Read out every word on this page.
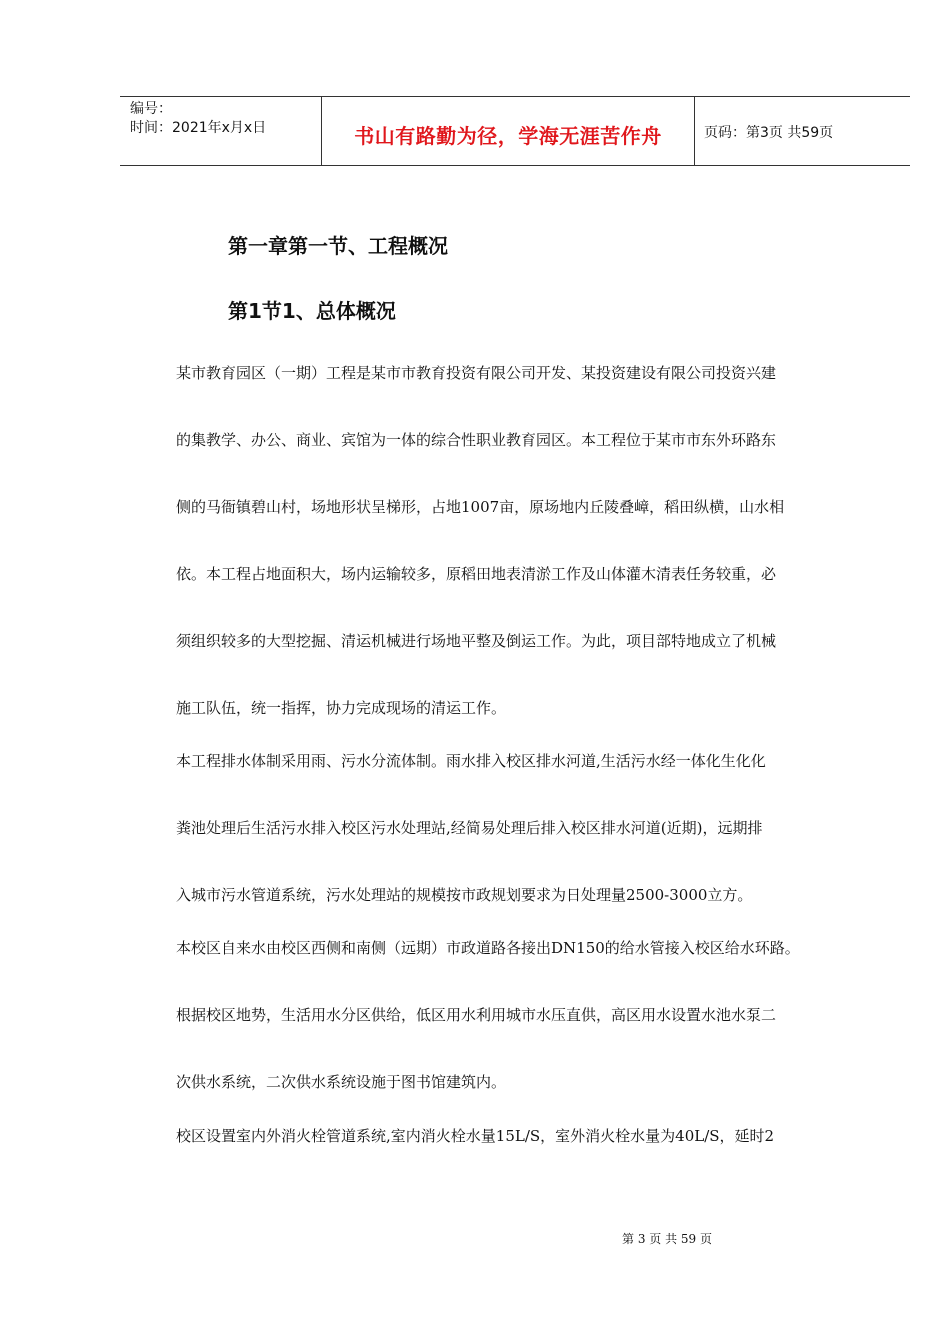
编号：
时间：2021年x月x日	书山有路勤为径，学海无涯苦作舟	页码：第3页 共59页
第一章第一节、工程概况
第1节1、总体概况
某市教育园区（一期）工程是某市市教育投资有限公司开发、某投资建设有限公司投资兴建
的集教学、办公、商业、宾馆为一体的综合性职业教育园区。本工程位于某市市东外环路东
侧的马衙镇碧山村，场地形状呈梯形，占地1007亩，原场地内丘陵叠嶂，稻田纵横，山水相
依。本工程占地面积大，场内运输较多，原稻田地表清淤工作及山体灌木清表任务较重，必
须组织较多的大型挖掘、清运机械进行场地平整及倒运工作。为此，项目部特地成立了机械
施工队伍，统一指挥，协力完成现场的清运工作。
本工程排水体制采用雨、污水分流体制。雨水排入校区排水河道,生活污水经一体化生化化
粪池处理后生活污水排入校区污水处理站,经简易处理后排入校区排水河道(近期)，远期排
入城市污水管道系统，污水处理站的规模按市政规划要求为日处理量2500-3000立方。
本校区自来水由校区西侧和南侧（远期）市政道路各接出DN150的给水管接入校区给水环路。
根据校区地势，生活用水分区供给，低区用水利用城市水压直供，高区用水设置水池水泵二
次供水系统，二次供水系统设施于图书馆建筑内。
校区设置室内外消火栓管道系统,室内消火栓水量15L/S，室外消火栓水量为40L/S，延时2
第 3 页 共 59 页
